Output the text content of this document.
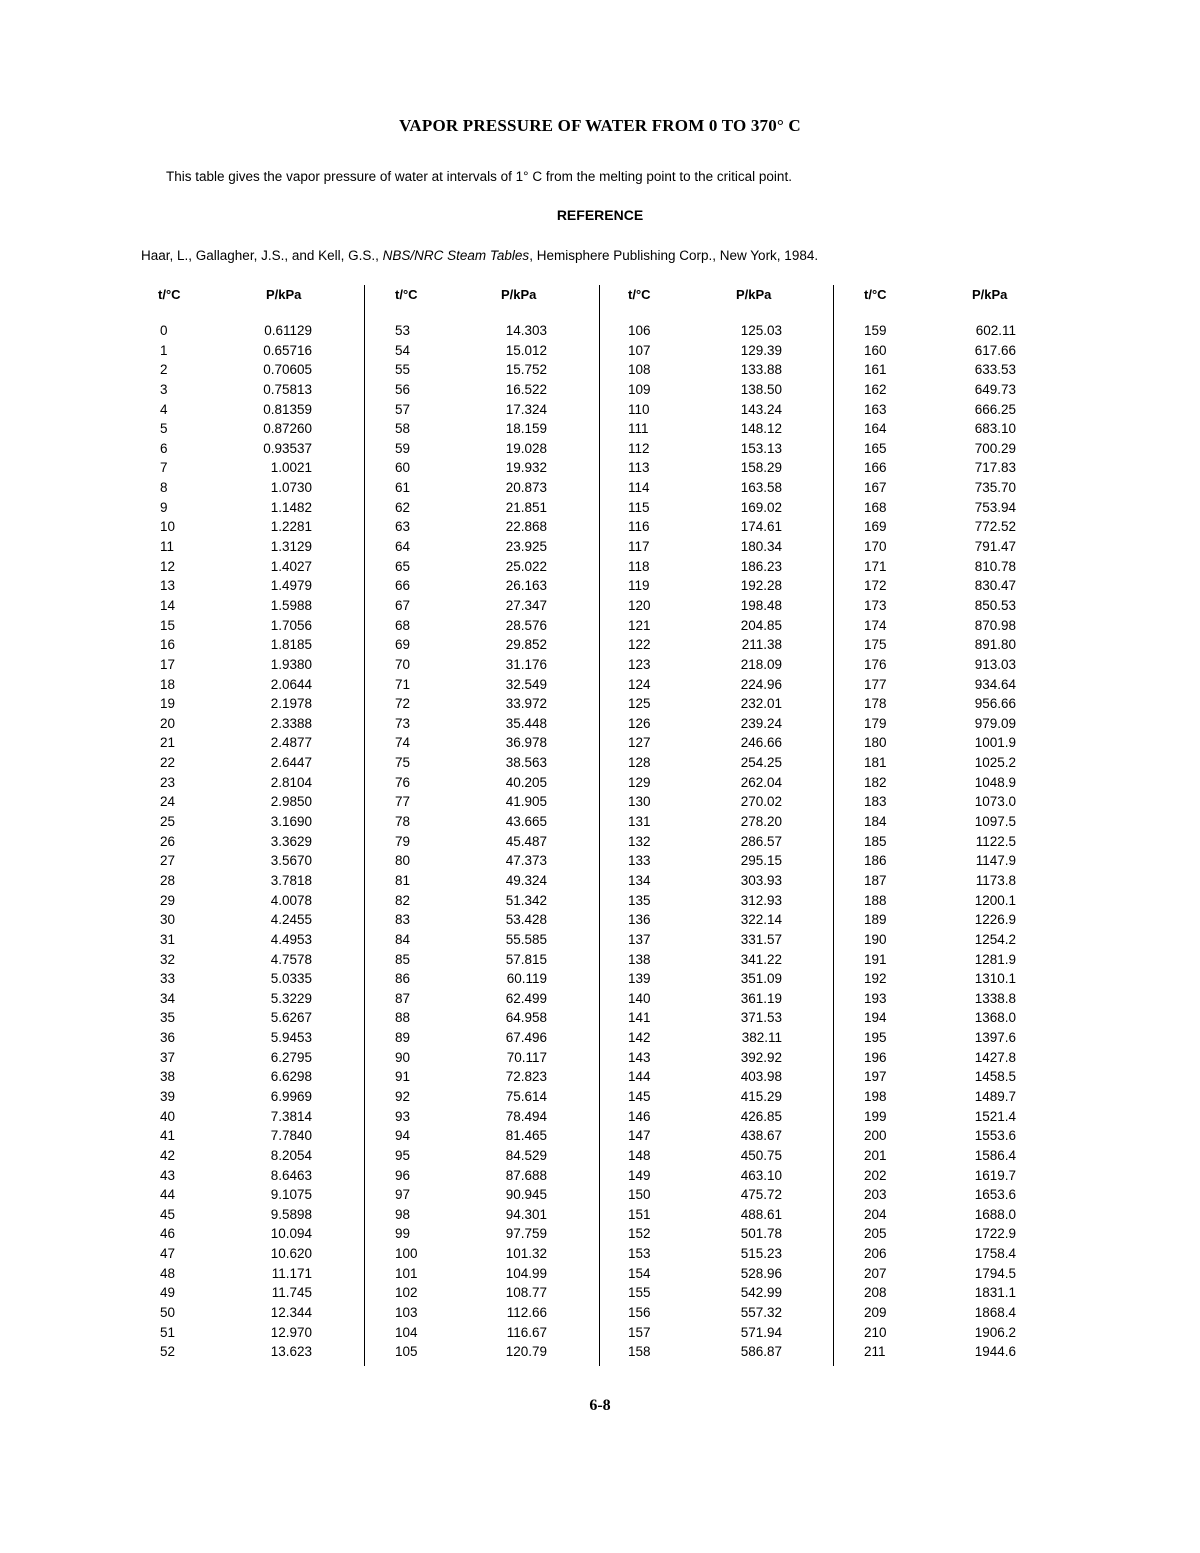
VAPOR PRESSURE OF WATER FROM 0 TO 370° C
This table gives the vapor pressure of water at intervals of 1° C from the melting point to the critical point.
REFERENCE
Haar, L., Gallagher, J.S., and Kell, G.S., NBS/NRC Steam Tables, Hemisphere Publishing Corp., New York, 1984.
t/°C	P/kPa
0	0.61129
1	0.65716
2	0.70605
3	0.75813
4	0.81359
5	0.87260
6	0.93537
7	1.0021
8	1.0730
9	1.1482
10	1.2281
11	1.3129
12	1.4027
13	1.4979
14	1.5988
15	1.7056
16	1.8185
17	1.9380
18	2.0644
19	2.1978
20	2.3388
21	2.4877
22	2.6447
23	2.8104
24	2.9850
25	3.1690
26	3.3629
27	3.5670
28	3.7818
29	4.0078
30	4.2455
31	4.4953
32	4.7578
33	5.0335
34	5.3229
35	5.6267
36	5.9453
37	6.2795
38	6.6298
39	6.9969
40	7.3814
41	7.7840
42	8.2054
43	8.6463
44	9.1075
45	9.5898
46	10.094
47	10.620
48	11.171
49	11.745
50	12.344
51	12.970
52	13.623
t/°C	P/kPa
53	14.303
54	15.012
55	15.752
56	16.522
57	17.324
58	18.159
59	19.028
60	19.932
61	20.873
62	21.851
63	22.868
64	23.925
65	25.022
66	26.163
67	27.347
68	28.576
69	29.852
70	31.176
71	32.549
72	33.972
73	35.448
74	36.978
75	38.563
76	40.205
77	41.905
78	43.665
79	45.487
80	47.373
81	49.324
82	51.342
83	53.428
84	55.585
85	57.815
86	60.119
87	62.499
88	64.958
89	67.496
90	70.117
91	72.823
92	75.614
93	78.494
94	81.465
95	84.529
96	87.688
97	90.945
98	94.301
99	97.759
100	101.32
101	104.99
102	108.77
103	112.66
104	116.67
105	120.79
t/°C	P/kPa
106	125.03
107	129.39
108	133.88
109	138.50
110	143.24
111	148.12
112	153.13
113	158.29
114	163.58
115	169.02
116	174.61
117	180.34
118	186.23
119	192.28
120	198.48
121	204.85
122	211.38
123	218.09
124	224.96
125	232.01
126	239.24
127	246.66
128	254.25
129	262.04
130	270.02
131	278.20
132	286.57
133	295.15
134	303.93
135	312.93
136	322.14
137	331.57
138	341.22
139	351.09
140	361.19
141	371.53
142	382.11
143	392.92
144	403.98
145	415.29
146	426.85
147	438.67
148	450.75
149	463.10
150	475.72
151	488.61
152	501.78
153	515.23
154	528.96
155	542.99
156	557.32
157	571.94
158	586.87
t/°C	P/kPa
159	602.11
160	617.66
161	633.53
162	649.73
163	666.25
164	683.10
165	700.29
166	717.83
167	735.70
168	753.94
169	772.52
170	791.47
171	810.78
172	830.47
173	850.53
174	870.98
175	891.80
176	913.03
177	934.64
178	956.66
179	979.09
180	1001.9
181	1025.2
182	1048.9
183	1073.0
184	1097.5
185	1122.5
186	1147.9
187	1173.8
188	1200.1
189	1226.9
190	1254.2
191	1281.9
192	1310.1
193	1338.8
194	1368.0
195	1397.6
196	1427.8
197	1458.5
198	1489.7
199	1521.4
200	1553.6
201	1586.4
202	1619.7
203	1653.6
204	1688.0
205	1722.9
206	1758.4
207	1794.5
208	1831.1
209	1868.4
210	1906.2
211	1944.6
6-8
